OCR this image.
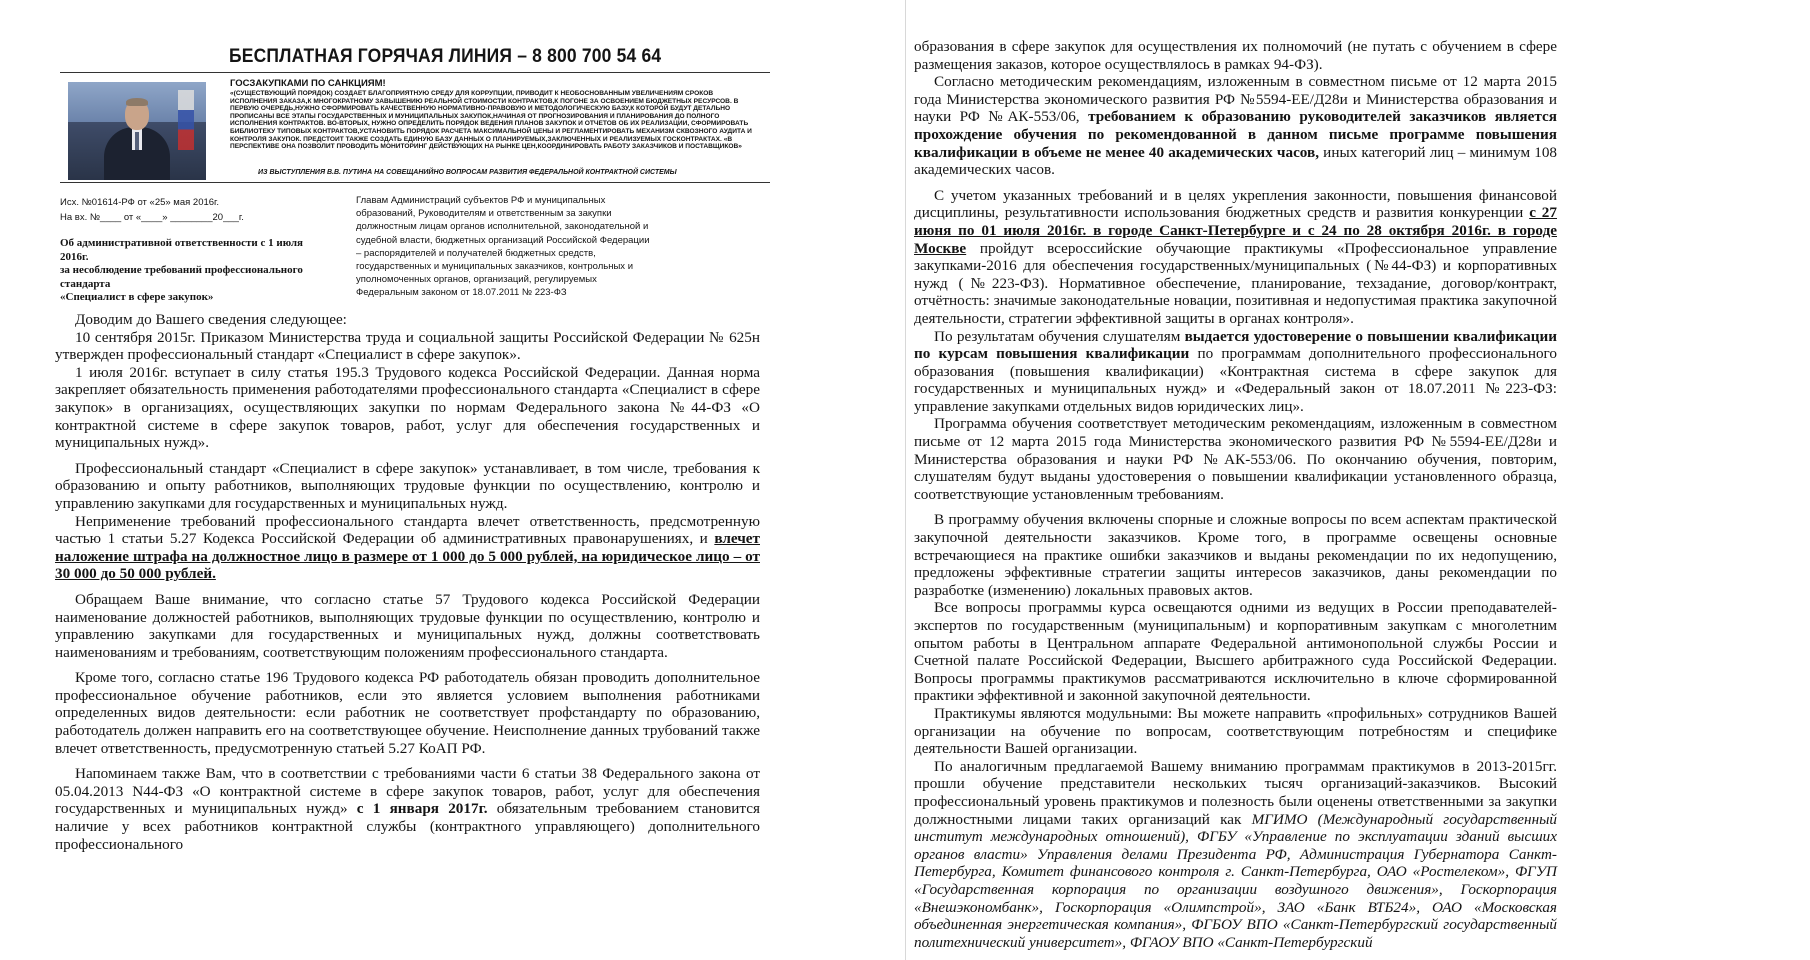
БЕСПЛАТНАЯ ГОРЯЧАЯ ЛИНИЯ – 8 800 700 54 64
ГОСЗАКУПКАМИ ПО САНКЦИЯМ!
«(СУЩЕСТВУЮЩИЙ ПОРЯДОК) СОЗДАЕТ БЛАГОПРИЯТНУЮ СРЕДУ ДЛЯ КОРРУПЦИИ, ПРИВОДИТ К НЕОБОСНОВАННЫМ УВЕЛИЧЕНИЯМ СРОКОВ ИСПОЛНЕНИЯ ЗАКАЗА,К МНОГОКРАТНОМУ ЗАВЫШЕНИЮ РЕАЛЬНОЙ СТОИМОСТИ КОНТРАКТОВ,К ПОГОНЕ ЗА ОСВОЕНИЕМ БЮДЖЕТНЫХ РЕСУРСОВ. В ПЕРВУЮ ОЧЕРЕДЬ,НУЖНО СФОРМИРОВАТЬ КАЧЕСТВЕННУЮ НОРМАТИВНО-ПРАВОВУЮ И МЕТОДОЛОГИЧЕСКУЮ БАЗУ,К КОТОРОЙ БУДУТ ДЕТАЛЬНО ПРОПИСАНЫ ВСЕ ЭТАПЫ ГОСУДАРСТВЕННЫХ И МУНИЦИПАЛЬНЫХ ЗАКУПОК,НАЧИНАЯ ОТ ПРОГНОЗИРОВАНИЯ И ПЛАНИРОВАНИЯ ДО ПОЛНОГО ИСПОЛНЕНИЯ КОНТРАКТОВ. ВО-ВТОРЫХ, НУЖНО ОПРЕДЕЛИТЬ ПОРЯДОК ВЕДЕНИЯ ПЛАНОВ ЗАКУПОК И ОТЧЕТОВ ОБ ИХ РЕАЛИЗАЦИИ, СФОРМИРОВАТЬ БИБЛИОТЕКУ ТИПОВЫХ КОНТРАКТОВ,УСТАНОВИТЬ ПОРЯДОК РАСЧЕТА МАКСИМАЛЬНОЙ ЦЕНЫ И РЕГЛАМЕНТИРОВАТЬ МЕХАНИЗМ СКВОЗНОГО АУДИТА И КОНТРОЛЯ ЗАКУПОК. ПРЕДСТОИТ ТАКЖЕ СОЗДАТЬ ЕДИНУЮ БАЗУ ДАННЫХ О ПЛАНИРУЕМЫХ,ЗАКЛЮЧЕННЫХ И РЕАЛИЗУЕМЫХ ГОСКОНТРАКТАХ. «В ПЕРСПЕКТИВЕ ОНА ПОЗВОЛИТ ПРОВОДИТЬ МОНИТОРИНГ ДЕЙСТВУЮЩИХ НА РЫНКЕ ЦЕН,КООРДИНИРОВАТЬ РАБОТУ ЗАКАЗЧИКОВ И ПОСТАВЩИКОВ»
ИЗ ВЫСТУПЛЕНИЯ В.В. ПУТИНА НА СОВЕЩАНИЙНО ВОПРОСАМ РАЗВИТИЯ ФЕДЕРАЛЬНОЙ КОНТРАКТНОЙ СИСТЕМЫ
Исх. №01614-РФ от «25» мая 2016г.
На вх. №____ от «____» ________20___г.
Об административной ответственности с 1 июля 2016г.
за несоблюдение требований профессионального стандарта
«Специалист в сфере закупок»
Главам Администраций субъектов РФ и муниципальных образований, Руководителям и ответственным за закупки должностным лицам органов исполнительной, законодательной и судебной власти, бюджетных организаций Российской Федерации – распорядителей и получателей бюджетных средств, государственных и муниципальных заказчиков, контрольных и уполномоченных органов, организаций, регулируемых Федеральным законом от 18.07.2011 № 223-ФЗ

Доводим до Вашего сведения следующее:

10 сентября 2015г. Приказом Министерства труда и социальной защиты Российской Федерации № 625н утвержден профессиональный стандарт «Специалист в сфере закупок».

1 июля 2016г. вступает в силу статья 195.3 Трудового кодекса Российской Федерации. Данная норма закрепляет обязательность применения работодателями профессионального стандарта «Специалист в сфере закупок» в организациях, осуществляющих закупки по нормам Федерального закона №44-ФЗ «О контрактной системе в сфере закупок товаров, работ, услуг для обеспечения государственных и муниципальных нужд».

Профессиональный стандарт «Специалист в сфере закупок» устанавливает, в том числе, требования к образованию и опыту работников, выполняющих трудовые функции по осуществлению, контролю и управлению закупками для государственных и муниципальных нужд.

Неприменение требований профессионального стандарта влечет ответственность, предсмотренную частью 1 статьи 5.27 Кодекса Российской Федерации об административных правонарушениях, и влечет наложение штрафа на должностное лицо в размере от 1 000 до 5 000 рублей, на юридическое лицо – от 30 000 до 50 000 рублей.

Обращаем Ваше внимание, что согласно статье 57 Трудового кодекса Российской Федерации наименование должностей работников, выполняющих трудовые функции по осуществлению, контролю и управлению закупками для государственных и муниципальных нужд, должны соответствовать наименованиям и требованиям, соответствующим положениям профессионального стандарта.

Кроме того, согласно статье 196 Трудового кодекса РФ работодатель обязан проводить дополнительное профессиональное обучение работников, если это является условием выполнения работниками определенных видов деятельности: если работник не соответствует профстандарту по образованию, работодатель должен направить его на соответствующее обучение. Неисполнение данных трубований также влечет ответственность, предусмотренную статьей 5.27 КоАП РФ.

Напоминаем также Вам, что в соответствии с требованиями части 6 статьи 38 Федерального закона от 05.04.2013 N44-ФЗ «О контрактной системе в сфере закупок товаров, работ, услуг для обеспечения государственных и муниципальных нужд» с 1 января 2017г. обязательным требованием становится наличие у всех работников контрактной службы (контрактного управляющего) дополнительного профессионального

образования в сфере закупок для осуществления их полномочий (не путать с обучением в сфере размещения заказов, которое осуществлялось в рамках 94-ФЗ).

Согласно методическим рекомендациям, изложенным в совместном письме от 12 марта 2015 года Министерства экономического развития РФ №5594-ЕЕ/Д28и и Министерства образования и науки РФ №АК-553/06, требованием к образованию руководителей заказчиков является прохождение обучения по рекомендованной в данном письме программе повышения квалификации в объеме не менее 40 академических часов, иных категорий лиц – минимум 108 академических часов.

С учетом указанных требований и в целях укрепления законности, повышения финансовой дисциплины, результативности использования бюджетных средств и развития конкуренции с 27 июня по 01 июля 2016г. в городе Санкт-Петербурге и с 24 по 28 октября 2016г. в городе Москве пройдут всероссийские обучающие практикумы «Профессиональное управление закупками-2016 для обеспечения государственных/муниципальных (№44-ФЗ) и корпоративных нужд (№223-ФЗ). Нормативное обеспечение, планирование, техзадание, договор/контракт, отчётность: значимые законодательные новации, позитивная и недопустимая практика закупочной деятельности, стратегии эффективной защиты в органах контроля».

По результатам обучения слушателям выдается удостоверение о повышении квалификации по курсам повышения квалификации по программам дополнительного профессионального образования (повышения квалификации) «Контрактная система в сфере закупок для государственных и муниципальных нужд» и «Федеральный закон от 18.07.2011 №223-ФЗ: управление закупками отдельных видов юридических лиц».

Программа обучения соответствует методическим рекомендациям, изложенным в совместном письме от 12 марта 2015 года Министерства экономического развития РФ №5594-ЕЕ/Д28и и Министерства образования и науки РФ №АК-553/06. По окончанию обучения, повторим, слушателям будут выданы удостоверения о повышении квалификации установленного образца, соответствующие установленным требованиям.

В программу обучения включены спорные и сложные вопросы по всем аспектам практической закупочной деятельности заказчиков. Кроме того, в программе освещены основные встречающиеся на практике ошибки заказчиков и выданы рекомендации по их недопущению, предложены эффективные стратегии защиты интересов заказчиков, даны рекомендации по разработке (изменению) локальных правовых актов.

Все вопросы программы курса освещаются одними из ведущих в России преподавателей-экспертов по государственным (муниципальным) и корпоративным закупкам с многолетним опытом работы в Центральном аппарате Федеральной антимонопольной службы России и Счетной палате Российской Федерации, Высшего арбитражного суда Российской Федерации. Вопросы программы практикумов рассматриваются исключительно в ключе сформированной практики эффективной и законной закупочной деятельности.

Практикумы являются модульными: Вы можете направить «профильных» сотрудников Вашей организации на обучение по вопросам, соответствующим потребностям и специфике деятельности Вашей организации.

По аналогичным предлагаемой Вашему вниманию программам практикумов в 2013-2015гг. прошли обучение представители нескольких тысяч организаций-заказчиков. Высокий профессиональный уровень практикумов и полезность были оценены ответственными за закупки должностными лицами таких организаций как МГИМО (Международный государственный институт международных отношений), ФГБУ «Управление по эксплуатации зданий высших органов власти» Управления делами Президента РФ, Администрация Губернатора Санкт-Петербурга, Комитет финансового контроля г. Санкт-Петербурга, ОАО «Ростелеком», ФГУП «Государственная корпорация по организации воздушного движения», Госкорпорация «Внешэкономбанк», Госкорпорация «Олимпстрой», ЗАО «Банк ВТБ24», ОАО «Московская объединенная энергетическая компания», ФГБОУ ВПО «Санкт-Петербургский государственный политехнический университет», ФГАОУ ВПО «Санкт-Петербургский
